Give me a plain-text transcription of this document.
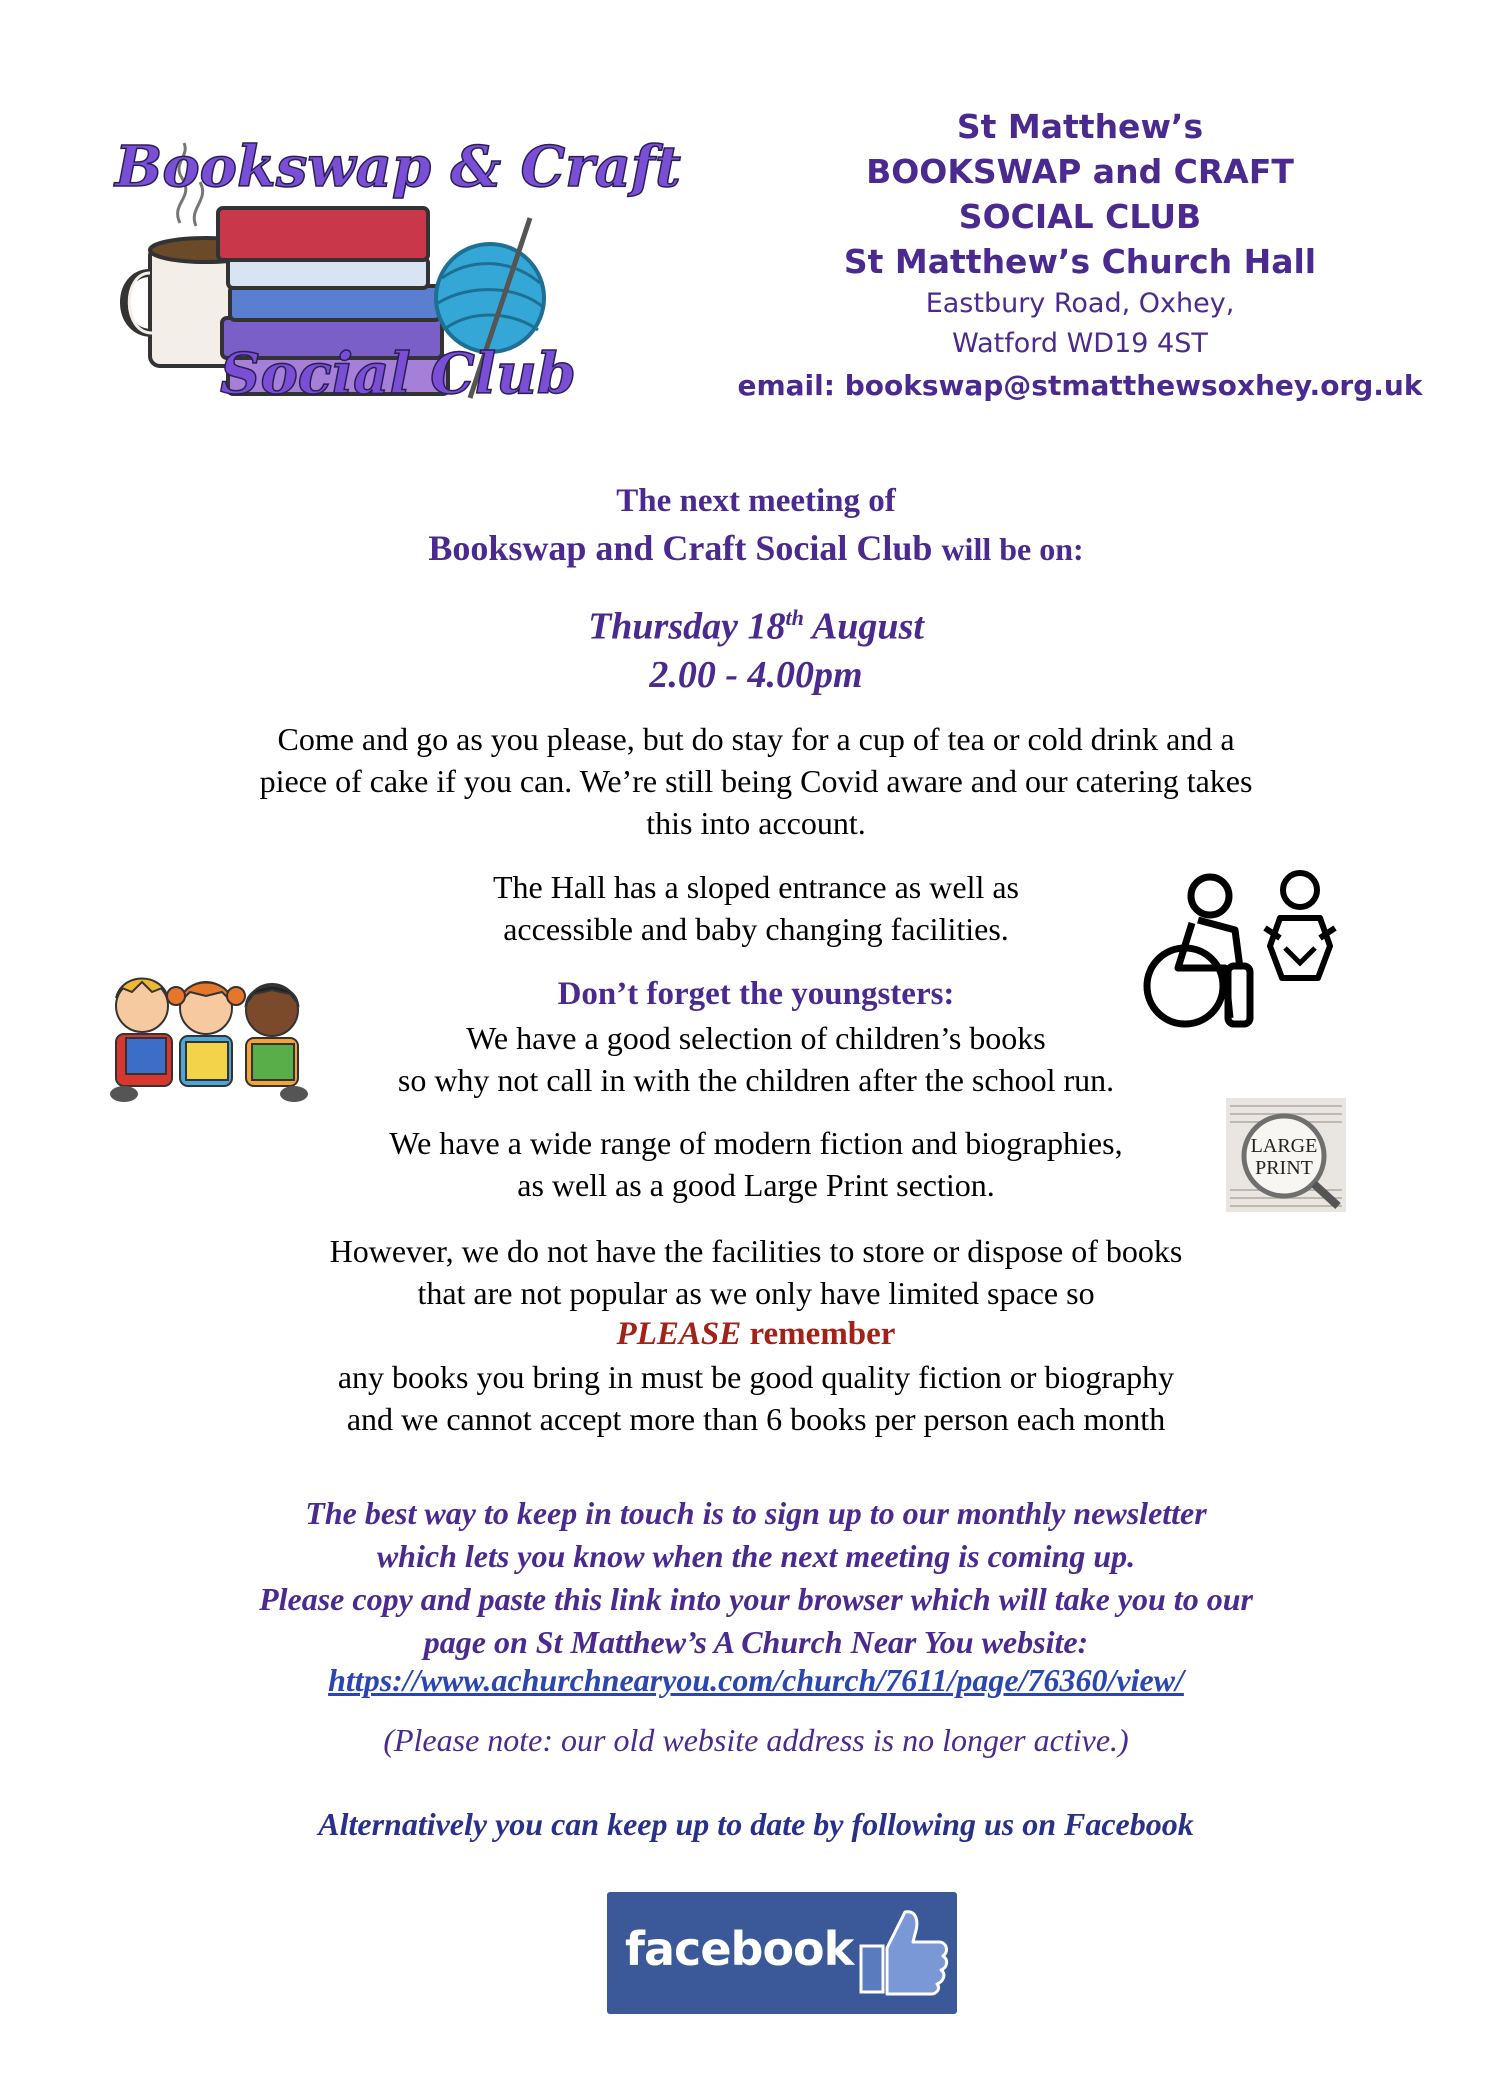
Bookswap & Craft
Social Club
St Matthew’s
BOOKSWAP and CRAFT
SOCIAL CLUB
St Matthew’s Church Hall
Eastbury Road, Oxhey,
Watford WD19 4ST
email: bookswap@stmatthewsoxhey.org.uk
The next meeting of
Bookswap and Craft Social Club will be on:
Thursday 18th August
2.00 - 4.00pm
Come and go as you please, but do stay for a cup of tea or cold drink and a
piece of cake if you can. We’re still being Covid aware and our catering takes
this into account.
The Hall has a sloped entrance as well as
accessible and baby changing facilities.
Don’t forget the youngsters:
We have a good selection of children’s books
so why not call in with the children after the school run.
We have a wide range of modern fiction and biographies,
as well as a good Large Print section.
LARGE
PRINT
However, we do not have the facilities to store or dispose of books
that are not popular as we only have limited space so
PLEASE remember
any books you bring in must be good quality fiction or biography
and we cannot accept more than 6 books per person each month
The best way to keep in touch is to sign up to our monthly newsletter
which lets you know when the next meeting is coming up.
Please copy and paste this link into your browser which will take you to our
page on St Matthew’s A Church Near You website:
https://www.achurchnearyou.com/church/7611/page/76360/view/
(Please note: our old website address is no longer active.)
Alternatively you can keep up to date by following us on Facebook
facebook
